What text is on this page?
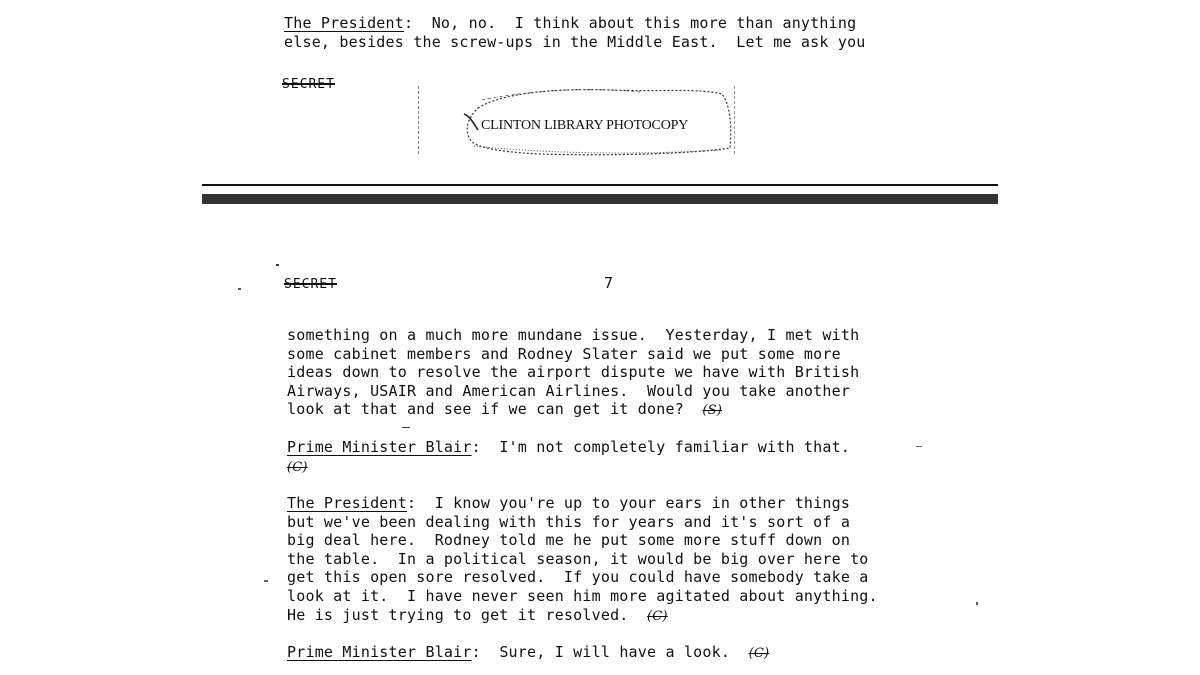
The President:  No, no.  I think about this more than anything
else, besides the screw-ups in the Middle East.  Let me ask you
SECRET
CLINTON LIBRARY PHOTOCOPY
SECRET	7
something on a much more mundane issue.  Yesterday, I met with
some cabinet members and Rodney Slater said we put some more
ideas down to resolve the airport dispute we have with British
Airways, USAIR and American Airlines.  Would you take another
look at that and see if we can get it done? (S)
Prime Minister Blair:  I'm not completely familiar with that.
(C)
The President:  I know you're up to your ears in other things
but we've been dealing with this for years and it's sort of a
big deal here.  Rodney told me he put some more stuff down on
the table.  In a political season, it would be big over here to
get this open sore resolved.  If you could have somebody take a
look at it.  I have never seen him more agitated about anything.
He is just trying to get it resolved. (C)
Prime Minister Blair:  Sure, I will have a look. (C)
